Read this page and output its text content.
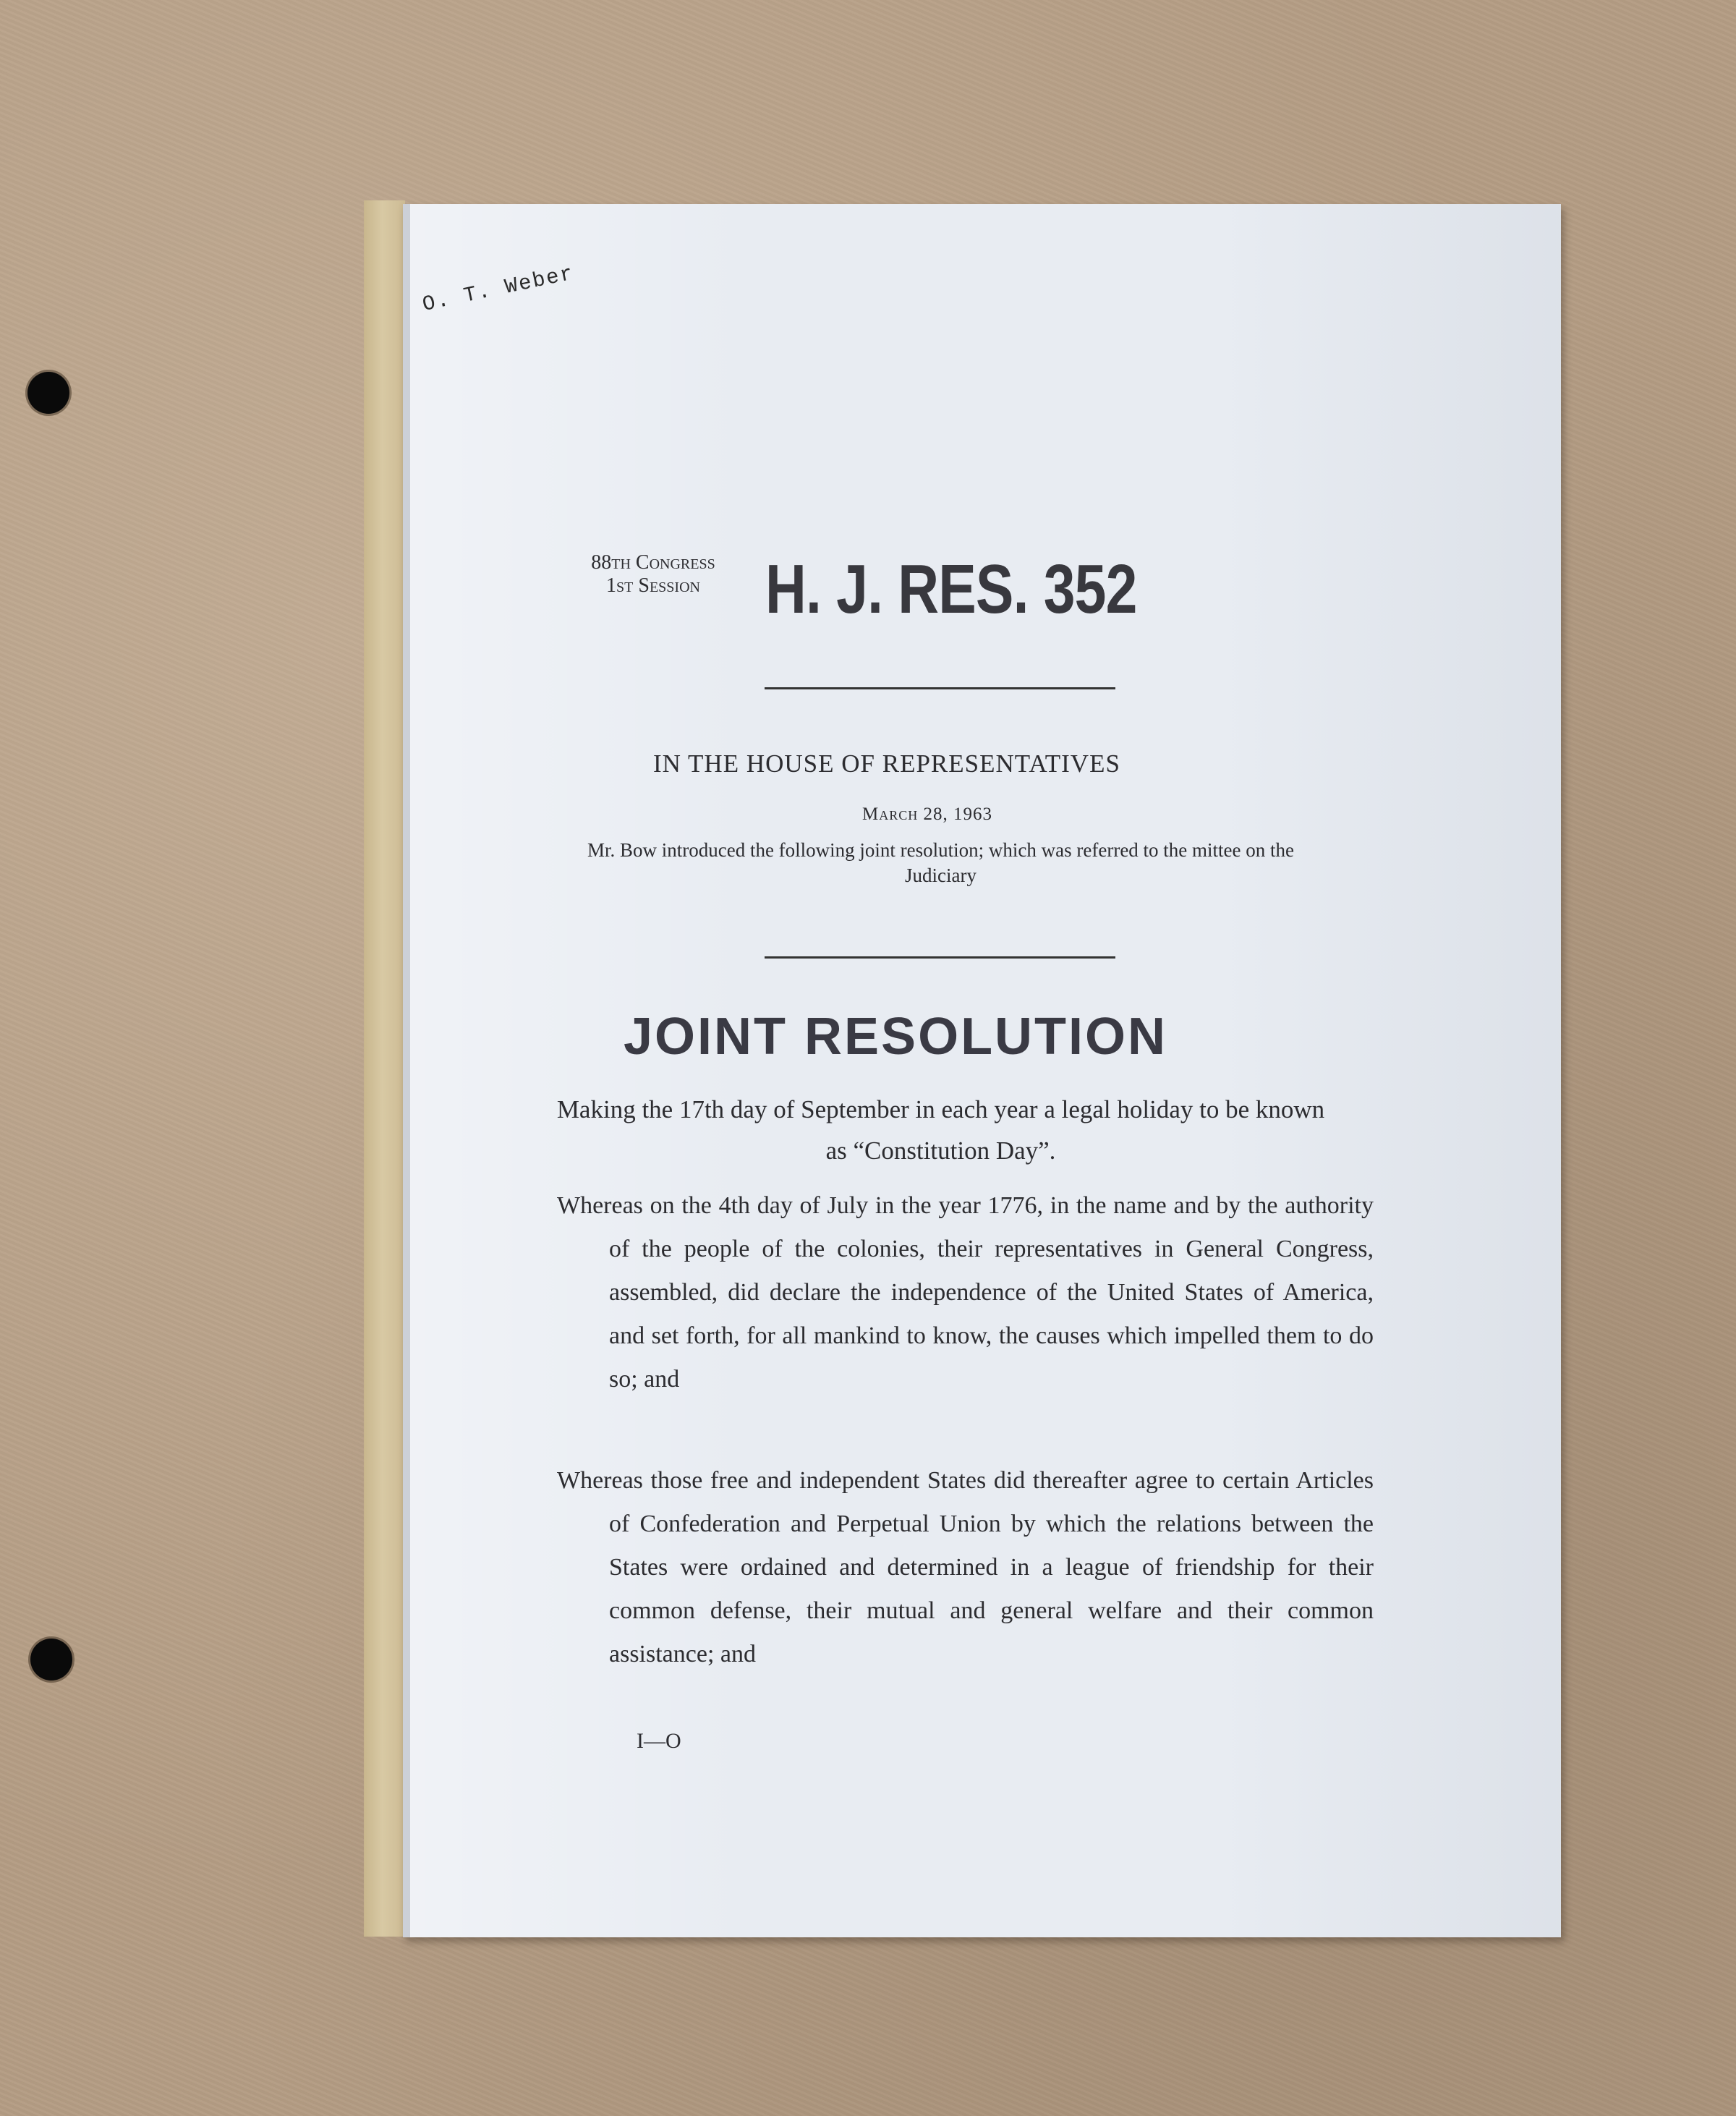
O. T. Weber
88th Congress
1st Session H. J. RES. 352
IN THE HOUSE OF REPRESENTATIVES
March 28, 1963
Mr. Bow introduced the following joint resolution; which was referred to the mittee on the Judiciary
JOINT RESOLUTION
Making the 17th day of September in each year a legal holiday to be known as “Constitution Day”.
Whereas on the 4th day of July in the year 1776, in the name and by the authority of the people of the colonies, their representatives in General Congress, assembled, did declare the independence of the United States of America, and set forth, for all mankind to know, the causes which impelled them to do so; and
Whereas those free and independent States did thereafter agree to certain Articles of Confederation and Perpetual Union by which the relations between the States were ordained and determined in a league of friendship for their common defense, their mutual and general welfare and their common assistance; and
I—O
